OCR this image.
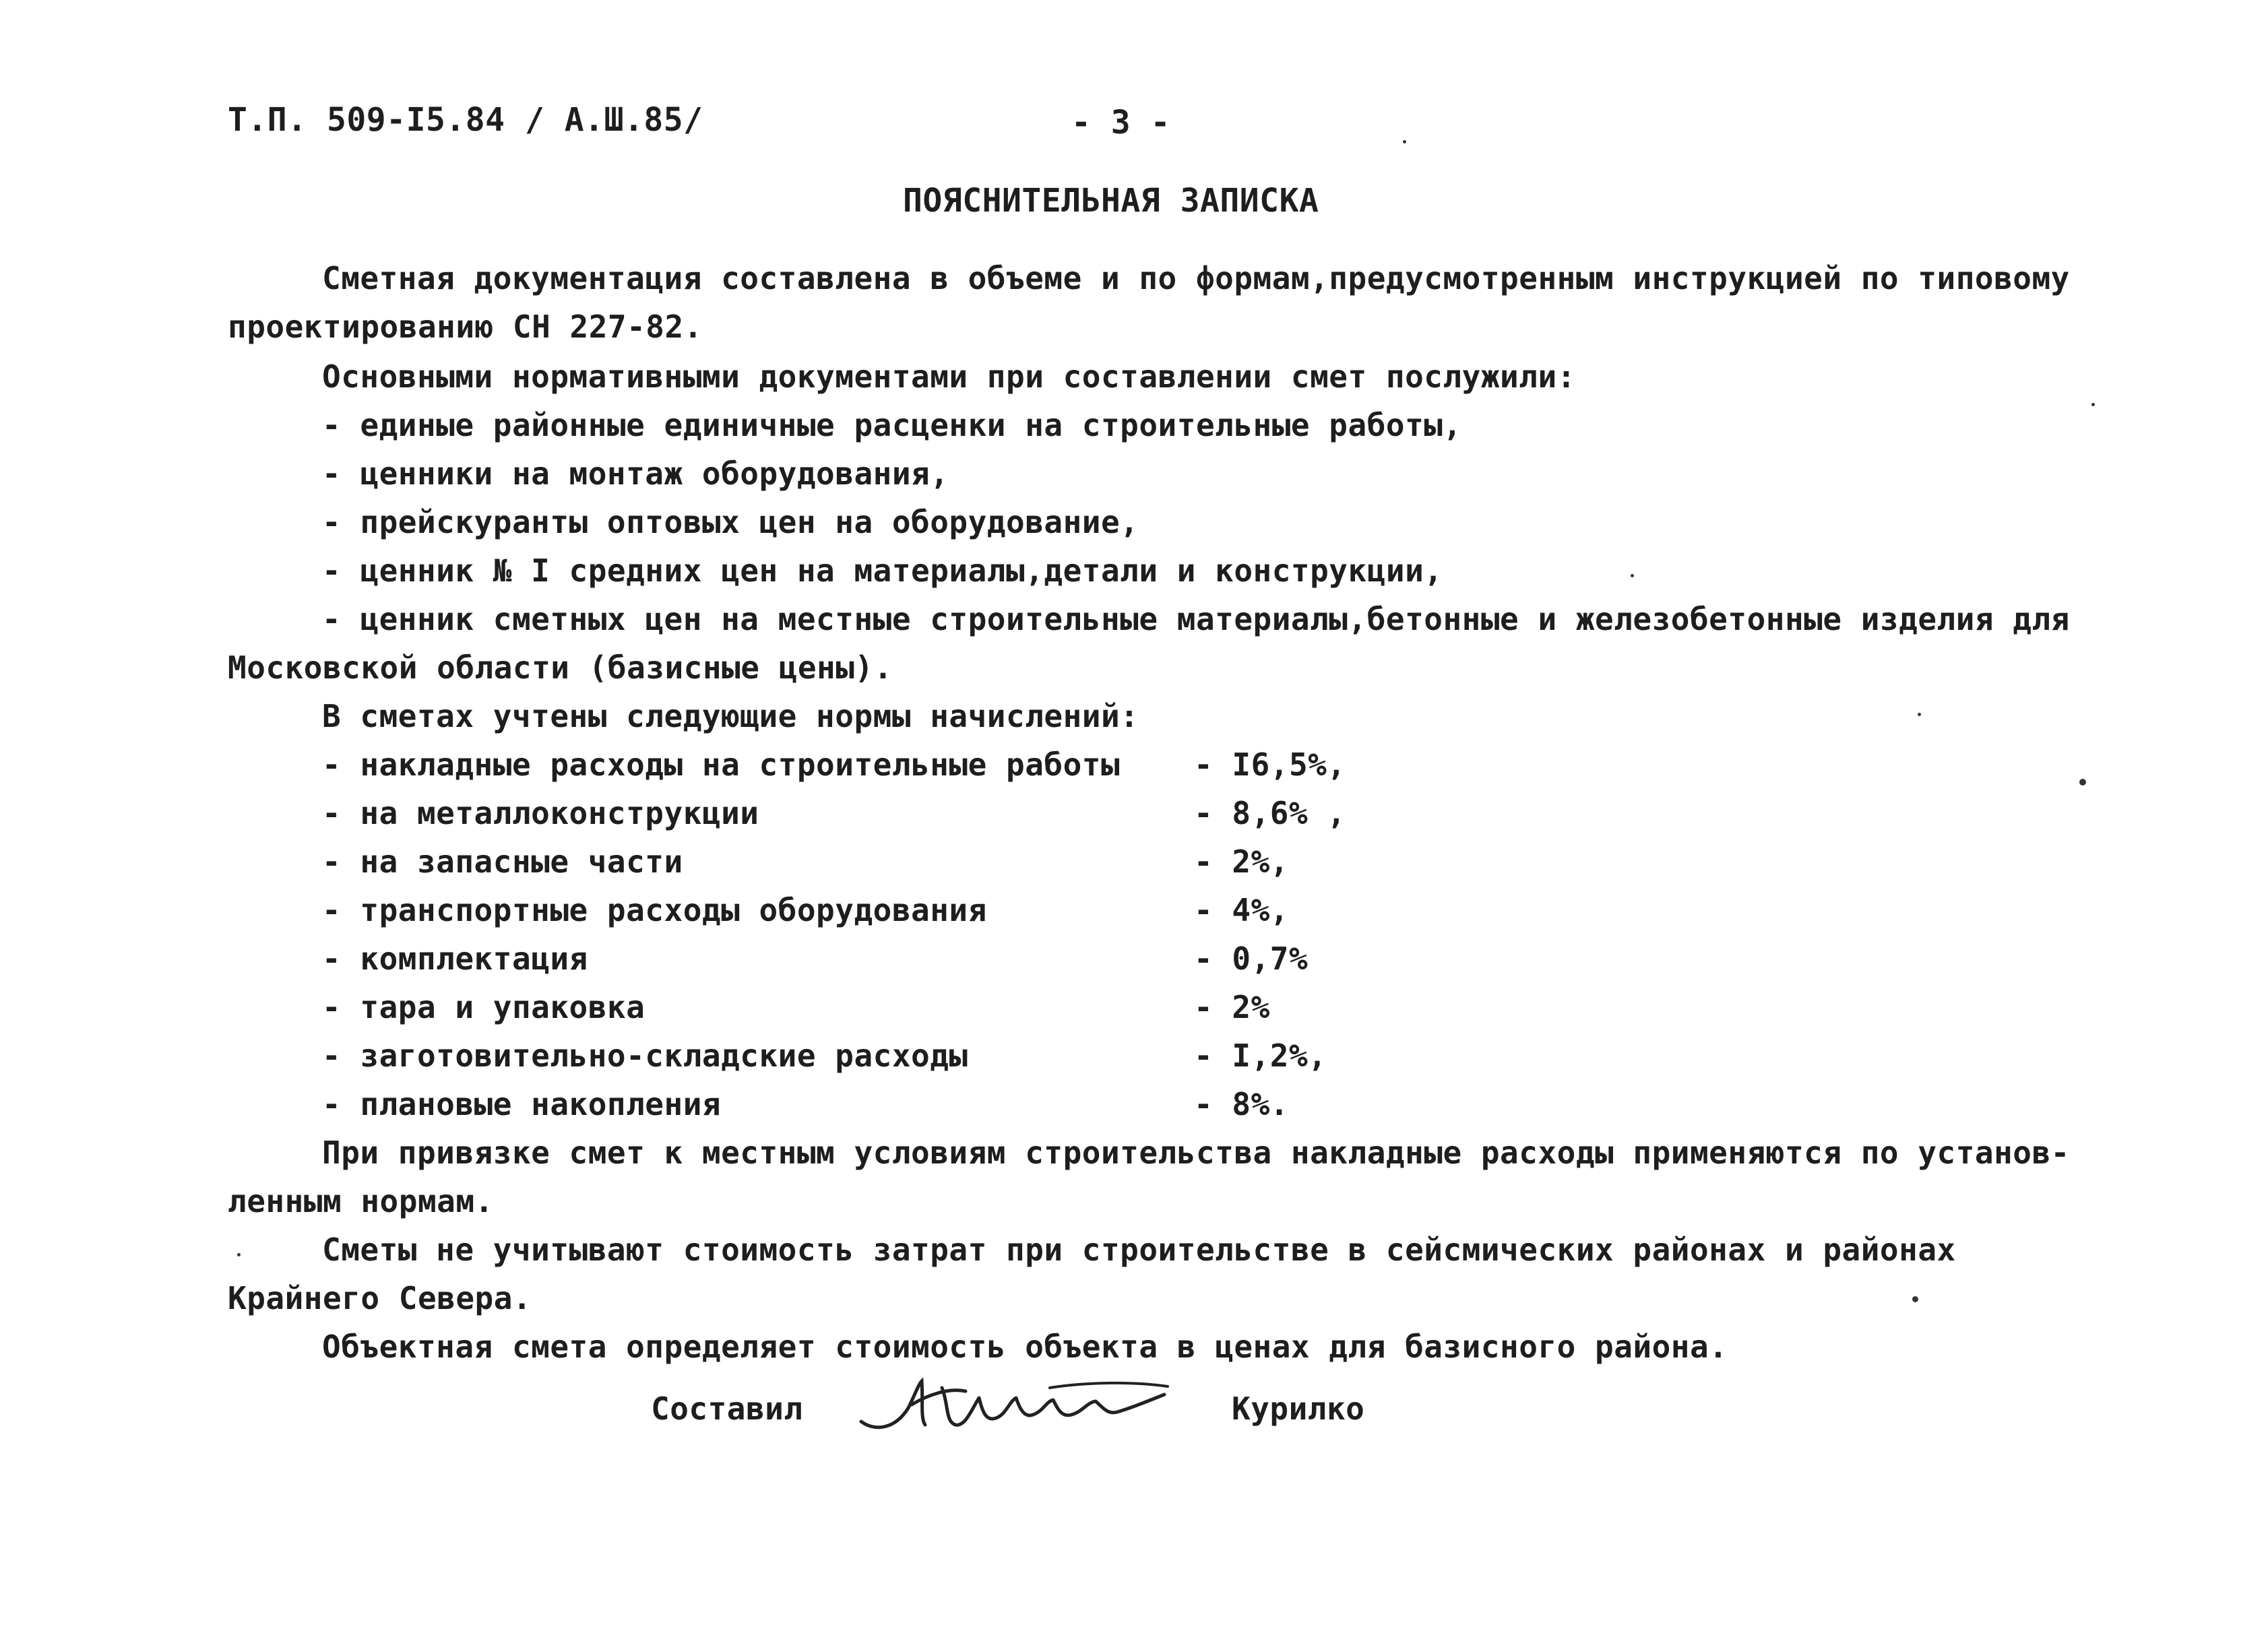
Т.П. 509-I5.84 / А.Ш.85/	- 3 -
ПОЯСНИТЕЛЬНАЯ ЗАПИСКА
Сметная документация составлена в объеме и по формам,предусмотренным инструкцией по типовому
проектированию СН 227-82.
Основными нормативными документами при составлении смет послужили:
- единые районные единичные расценки на строительные работы,
- ценники на монтаж оборудования,
- прейскуранты оптовых цен на оборудование,
- ценник № I средних цен на материалы,детали и конструкции,
- ценник сметных цен на местные строительные материалы,бетонные и железобетонные изделия для
Московской области (базисные цены).
В сметах учтены следующие нормы начислений:
- накладные расходы на строительные работы - I6,5%,
- на металлоконструкции	- 8,6% ,
- на запасные части	- 2%,
- транспортные расходы оборудования	- 4%,
- комплектация	- 0,7%
- тара и упаковка	- 2%
- заготовительно-складские расходы	- I,2%,
- плановые накопления	- 8%.
При привязке смет к местным условиям строительства накладные расходы применяются по установ-
ленным нормам.
Сметы не учитывают стоимость затрат при строительстве в сейсмических районах и районах
Крайнего Севера.
Объектная смета определяет стоимость объекта в ценах для базисного района.
Составил	Курилко
